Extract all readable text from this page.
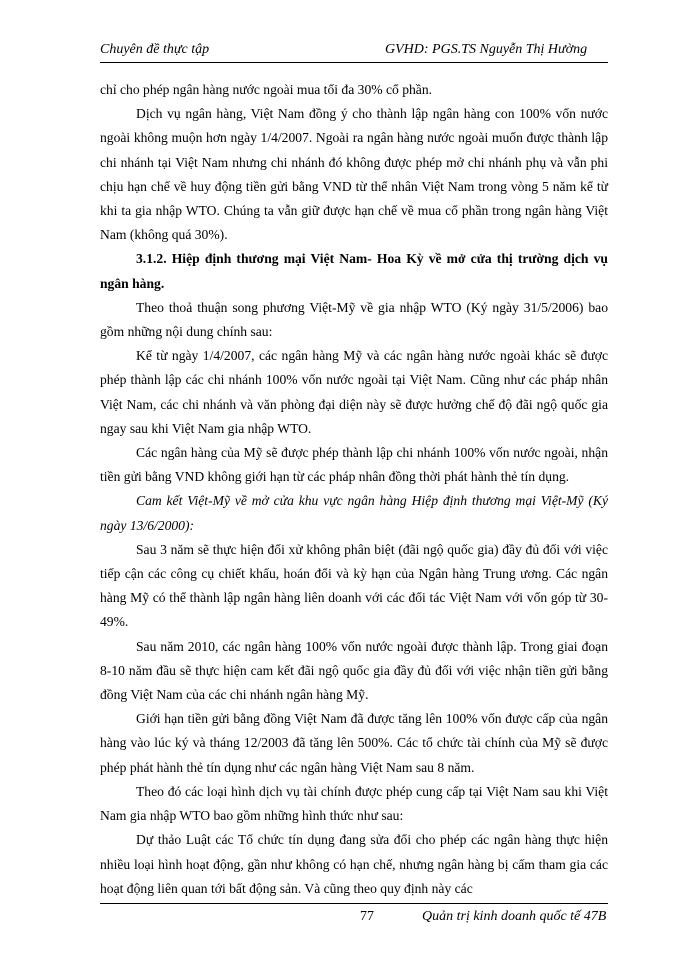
Chuyên đề thực tập	GVHD: PGS.TS Nguyễn Thị Hường

chỉ cho phép ngân hàng nước ngoài mua tối đa 30% cổ phần.

Dịch vụ ngân hàng, Việt Nam đồng ý cho thành lập ngân hàng con 100% vốn nước ngoài không muộn hơn ngày 1/4/2007. Ngoài ra ngân hàng nước ngoài muốn được thành lập chi nhánh tại Việt Nam nhưng chi nhánh đó không được phép mở chi nhánh phụ và vẫn phi chịu hạn chế về huy động tiền gửi bằng VND từ thể nhân Việt Nam trong vòng 5 năm kể từ khi ta gia nhập WTO. Chúng ta vẫn giữ được hạn chế về mua cổ phần trong ngân hàng Việt Nam (không quá 30%).

3.1.2. Hiệp định thương mại Việt Nam- Hoa Kỳ về mở cửa thị trường dịch vụ ngân hàng.

Theo thoả thuận song phương Việt-Mỹ về gia nhập WTO (Ký ngày 31/5/2006) bao gồm những nội dung chính sau:

Kể từ ngày 1/4/2007, các ngân hàng Mỹ và các ngân hàng nước ngoài khác sẽ được phép thành lập các chi nhánh 100% vốn nước ngoài tại Việt Nam. Cũng như các pháp nhân Việt Nam, các chi nhánh và văn phòng đại diện này sẽ được hưởng chế độ đãi ngộ quốc gia ngay sau khi Việt Nam gia nhập WTO.

Các ngân hàng của Mỹ sẽ được phép thành lập chi nhánh 100% vốn nước ngoài, nhận tiền gửi bằng VND không giới hạn từ các pháp nhân đồng thời phát hành thẻ tín dụng.

Cam kết Việt-Mỹ về mở cửa khu vực ngân hàng Hiệp định thương mại Việt-Mỹ (Ký ngày 13/6/2000):

Sau 3 năm sẽ thực hiện đối xử không phân biệt (đãi ngộ quốc gia) đầy đủ đối với việc tiếp cận các công cụ chiết khấu, hoán đổi và kỳ hạn của Ngân hàng Trung ương. Các ngân hàng Mỹ có thể thành lập ngân hàng liên doanh với các đối tác Việt Nam với vốn góp từ 30-49%.

Sau năm 2010, các ngân hàng 100% vốn nước ngoài được thành lập. Trong giai đoạn 8-10 năm đầu sẽ thực hiện cam kết đãi ngộ quốc gia đầy đủ đối với việc nhận tiền gửi bằng đồng Việt Nam của các chi nhánh ngân hàng Mỹ.

Giới hạn tiền gửi bằng đồng Việt Nam đã được tăng lên 100% vốn được cấp của ngân hàng vào lúc ký và tháng 12/2003 đã tăng lên 500%. Các tổ chức tài chính của Mỹ sẽ được phép phát hành thẻ tín dụng như các ngân hàng Việt Nam sau 8 năm.

Theo đó các loại hình dịch vụ tài chính được phép cung cấp tại Việt Nam sau khi Việt Nam gia nhập WTO bao gồm những hình thức như sau:

Dự thảo Luật các Tổ chức tín dụng đang sửa đổi cho phép các ngân hàng thực hiện nhiều loại hình hoạt động, gần như không có hạn chế, nhưng ngân hàng bị cấm tham gia các hoạt động liên quan tới bất động sản. Và cũng theo quy định này các

77	Quản trị kinh doanh quốc tế 47B
